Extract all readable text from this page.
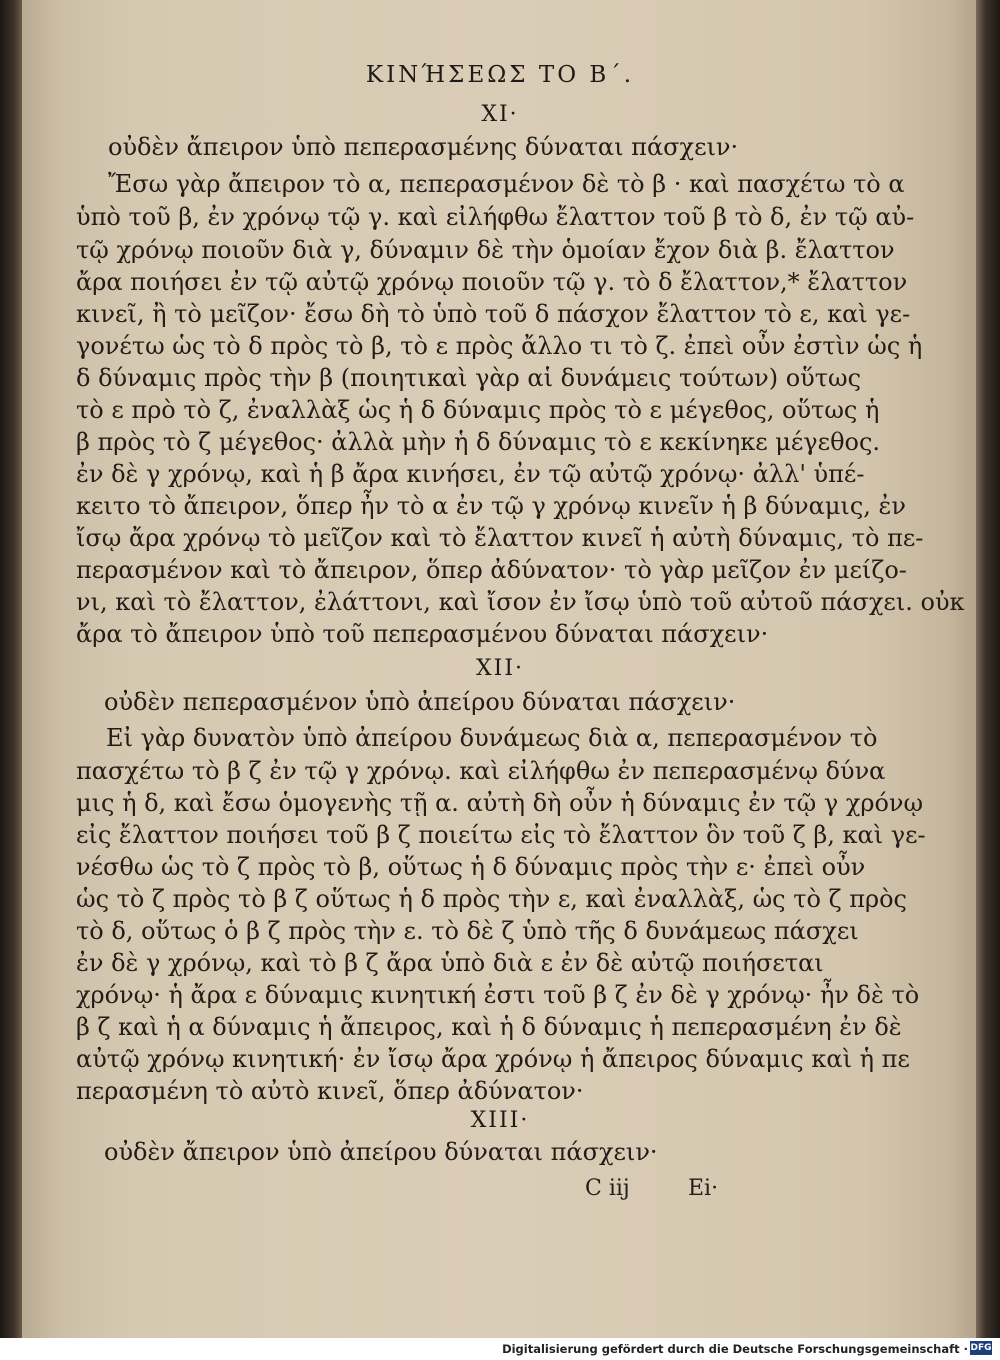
ΚΙΝΉΣΕΩΣ ΤΟ Β΄.
XI·
οὐδὲν ἄπειρον ὑπὸ πεπερασμένης δύναται πάσχειν·
Ἔσω γὰρ ἄπειρον τὸ α, πεπερασμένον δὲ τὸ β · καὶ πασχέτω τὸ α
ὑπὸ τοῦ β, ἐν χρόνῳ τῷ γ. καὶ εἰλήφθω ἔλαττον τοῦ β τὸ δ, ἐν τῷ αὐ-
τῷ χρόνῳ ποιοῦν διὰ γ, δύναμιν δὲ τὴν ὁμοίαν ἔχον διὰ β. ἔλαττον
ἄρα ποιήσει ἐν τῷ αὐτῷ χρόνῳ ποιοῦν τῷ γ. τὸ δ ἔλαττον,* ἔλαττον
κινεῖ, ἢ τὸ μεῖζον· ἔσω δὴ τὸ ὑπὸ τοῦ δ πάσχον ἔλαττον τὸ ε, καὶ γε-
γονέτω ὡς τὸ δ πρὸς τὸ β, τὸ ε πρὸς ἄλλο τι τὸ ζ. ἐπεὶ οὖν ἐστὶν ὡς ἡ
δ δύναμις πρὸς τὴν β (ποιητικαὶ γὰρ αἱ δυνάμεις τούτων) οὕτως
τὸ ε πρὸ τὸ ζ, ἐναλλὰξ ὡς ἡ δ δύναμις πρὸς τὸ ε μέγεθος, οὕτως ἡ
β πρὸς τὸ ζ μέγεθος· ἀλλὰ μὴν ἡ δ δύναμις τὸ ε κεκίνηκε μέγεθος.
ἐν δὲ γ χρόνῳ, καὶ ἡ β ἄρα κινήσει, ἐν τῷ αὐτῷ χρόνῳ· ἀλλ' ὑπέ-
κειτο τὸ ἄπειρον, ὅπερ ἦν τὸ α ἐν τῷ γ χρόνῳ κινεῖν ἡ β δύναμις, ἐν
ἴσῳ ἄρα χρόνῳ τὸ μεῖζον καὶ τὸ ἔλαττον κινεῖ ἡ αὐτὴ δύναμις, τὸ πε-
περασμένον καὶ τὸ ἄπειρον, ὅπερ ἀδύνατον· τὸ γὰρ μεῖζον ἐν μείζο-
νι, καὶ τὸ ἔλαττον, ἐλάττονι, καὶ ἴσον ἐν ἴσῳ ὑπὸ τοῦ αὐτοῦ πάσχει. οὐκ
ἄρα τὸ ἄπειρον ὑπὸ τοῦ πεπερασμένου δύναται πάσχειν·
XII·
οὐδὲν πεπερασμένον ὑπὸ ἀπείρου δύναται πάσχειν·
Εἰ γὰρ δυνατὸν ὑπὸ ἀπείρου δυνάμεως διὰ α, πεπερασμένον τὸ
πασχέτω τὸ β ζ ἐν τῷ γ χρόνῳ. καὶ εἰλήφθω ἐν πεπερασμένῳ δύνα
μις ἡ δ, καὶ ἔσω ὁμογενὴς τῇ α. αὐτὴ δὴ οὖν ἡ δύναμις ἐν τῷ γ χρόνῳ
εἰς ἔλαττον ποιήσει τοῦ β ζ ποιείτω εἰς τὸ ἔλαττον ὃν τοῦ ζ β, καὶ γε-
νέσθω ὡς τὸ ζ πρὸς τὸ β, οὕτως ἡ δ δύναμις πρὸς τὴν ε· ἐπεὶ οὖν
ὡς τὸ ζ πρὸς τὸ β ζ οὕτως ἡ δ πρὸς τὴν ε, καὶ ἐναλλὰξ, ὡς τὸ ζ πρὸς
τὸ δ, οὕτως ὁ β ζ πρὸς τὴν ε. τὸ δὲ ζ ὑπὸ τῆς δ δυνάμεως πάσχει
ἐν δὲ γ χρόνῳ, καὶ τὸ β ζ ἄρα ὑπὸ διὰ ε ἐν δὲ αὐτῷ ποιήσεται
χρόνῳ· ἡ ἄρα ε δύναμις κινητική ἐστι τοῦ β ζ ἐν δὲ γ χρόνῳ· ἦν δὲ τὸ
β ζ καὶ ἡ α δύναμις ἡ ἄπειρος, καὶ ἡ δ δύναμις ἡ πεπερασμένη ἐν δὲ
αὐτῷ χρόνῳ κινητική· ἐν ἴσῳ ἄρα χρόνῳ ἡ ἄπειρος δύναμις καὶ ἡ πε
περασμένη τὸ αὐτὸ κινεῖ, ὅπερ ἀδύνατον·
XIII·
οὐδὲν ἄπειρον ὑπὸ ἀπείρου δύναται πάσχειν·
C iij	Ei·
Digitalisierung gefördert durch die Deutsche Forschungsgemeinschaft · DFG
